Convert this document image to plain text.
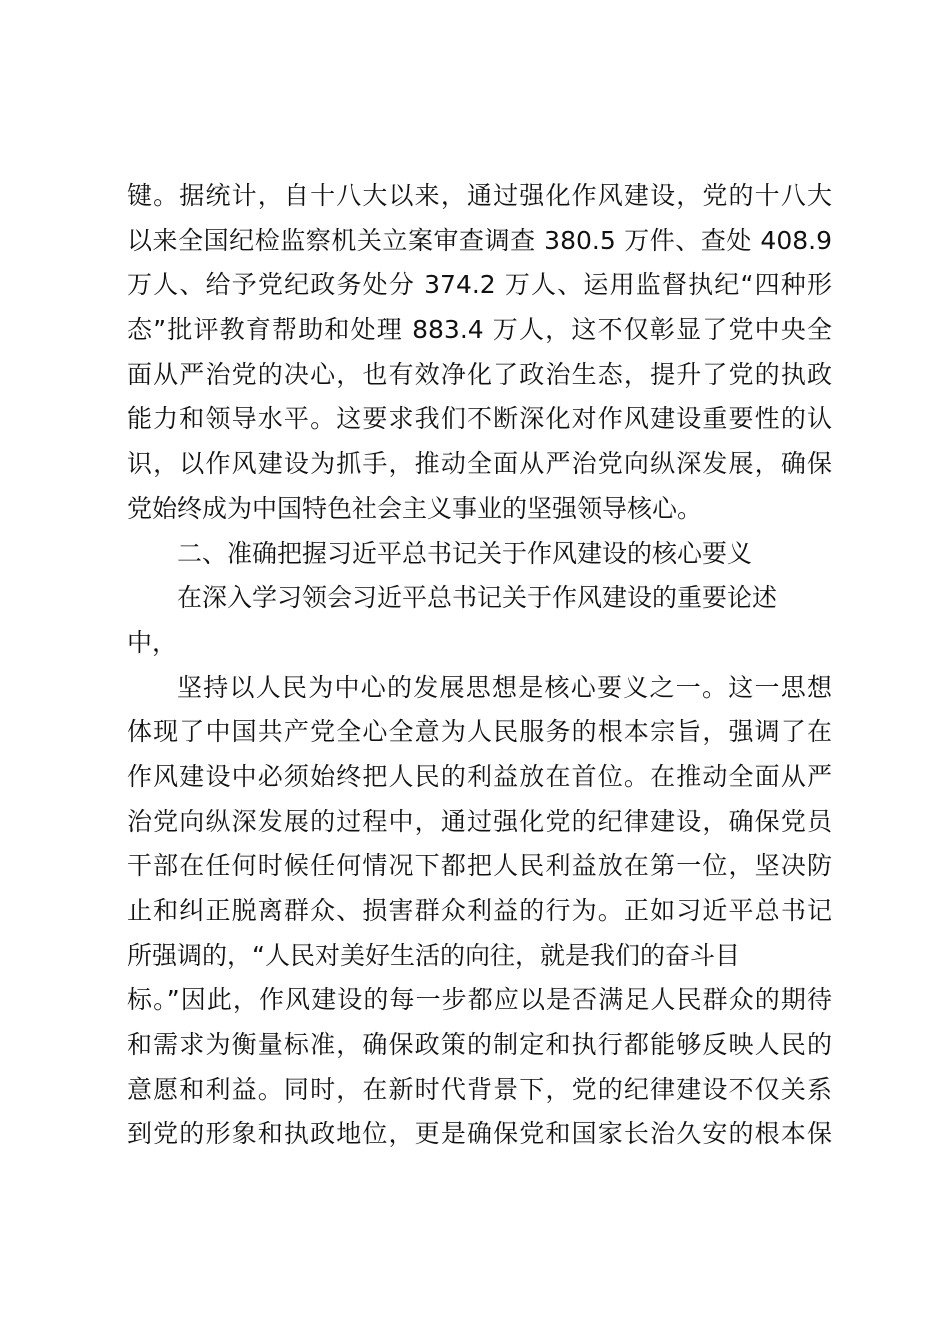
键。据统计，自十八大以来，通过强化作风建设，党的十八大
以来全国纪检监察机关立案审查调查 380.5 万件、查处 408.9
万人、给予党纪政务处分 374.2 万人、运用监督执纪“四种形
态”批评教育帮助和处理 883.4 万人，这不仅彰显了党中央全
面从严治党的决心，也有效净化了政治生态，提升了党的执政
能力和领导水平。这要求我们不断深化对作风建设重要性的认
识，以作风建设为抓手，推动全面从严治党向纵深发展，确保
党始终成为中国特色社会主义事业的坚强领导核心。
二、准确把握习近平总书记关于作风建设的核心要义
在深入学习领会习近平总书记关于作风建设的重要论述
中，
坚持以人民为中心的发展思想是核心要义之一。这一思想
体现了中国共产党全心全意为人民服务的根本宗旨，强调了在
作风建设中必须始终把人民的利益放在首位。在推动全面从严
治党向纵深发展的过程中，通过强化党的纪律建设，确保党员
干部在任何时候任何情况下都把人民利益放在第一位，坚决防
止和纠正脱离群众、损害群众利益的行为。正如习近平总书记
所强调的，“人民对美好生活的向往，就是我们的奋斗目
标。”因此，作风建设的每一步都应以是否满足人民群众的期待
和需求为衡量标准，确保政策的制定和执行都能够反映人民的
意愿和利益。同时，在新时代背景下，党的纪律建设不仅关系
到党的形象和执政地位，更是确保党和国家长治久安的根本保
